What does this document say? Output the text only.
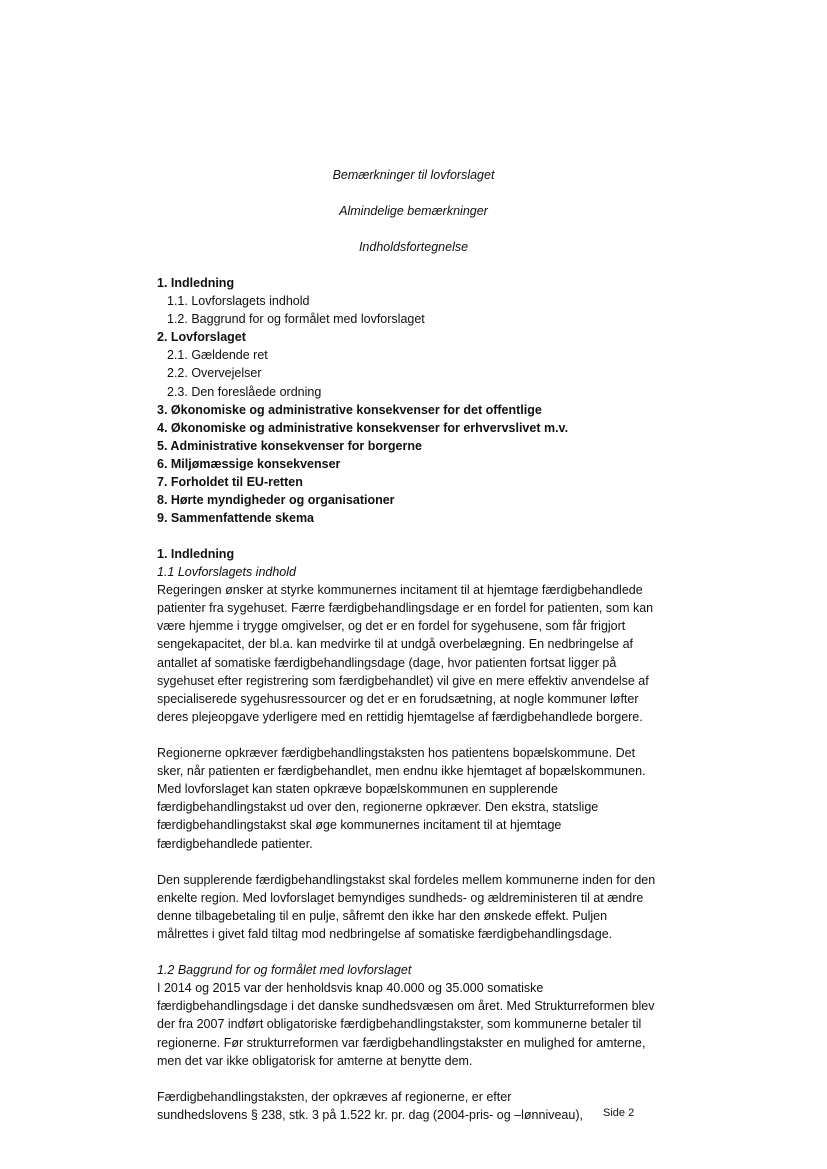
Bemærkninger til lovforslaget
Almindelige bemærkninger
Indholdsfortegnelse
1. Indledning
1.1. Lovforslagets indhold
1.2. Baggrund for og formålet med lovforslaget
2. Lovforslaget
2.1. Gældende ret
2.2. Overvejelser
2.3. Den foreslåede ordning
3. Økonomiske og administrative konsekvenser for det offentlige
4. Økonomiske og administrative konsekvenser for erhvervslivet m.v.
5. Administrative konsekvenser for borgerne
6. Miljømæssige konsekvenser
7. Forholdet til EU-retten
8. Hørte myndigheder og organisationer
9. Sammenfattende skema
1. Indledning
1.1 Lovforslagets indhold
Regeringen ønsker at styrke kommunernes incitament til at hjemtage færdigbehandlede
patienter fra sygehuset. Færre færdigbehandlingsdage er en fordel for patienten, som kan
være hjemme i trygge omgivelser, og det er en fordel for sygehusene, som får frigjort
sengekapacitet, der bl.a. kan medvirke til at undgå overbelægning. En nedbringelse af
antallet af somatiske færdigbehandlingsdage (dage, hvor patienten fortsat ligger på
sygehuset efter registrering som færdigbehandlet) vil give en mere effektiv anvendelse af
specialiserede sygehusressourcer og det er en forudsætning, at nogle kommuner løfter
deres plejeopgave yderligere med en rettidig hjemtagelse af færdigbehandlede borgere.
Regionerne opkræver færdigbehandlingstaksten hos patientens bopælskommune. Det
sker, når patienten er færdigbehandlet, men endnu ikke hjemtaget af bopælskommunen.
Med lovforslaget kan staten opkræve bopælskommunen en supplerende
færdigbehandlingstakst ud over den, regionerne opkræver. Den ekstra, statslige
færdigbehandlingstakst skal øge kommunernes incitament til at hjemtage
færdigbehandlede patienter.
Den supplerende færdigbehandlingstakst skal fordeles mellem kommunerne inden for den
enkelte region. Med lovforslaget bemyndiges sundheds- og ældreministeren til at ændre
denne tilbagebetaling til en pulje, såfremt den ikke har den ønskede effekt. Puljen
målrettes i givet fald tiltag mod nedbringelse af somatiske færdigbehandlingsdage.
1.2 Baggrund for og formålet med lovforslaget
I 2014 og 2015 var der henholdsvis knap 40.000 og 35.000 somatiske
færdigbehandlingsdage i det danske sundhedsvæsen om året. Med Strukturreformen blev
der fra 2007 indført obligatoriske færdigbehandlingstakster, som kommunerne betaler til
regionerne. Før strukturreformen var færdigbehandlingstakster en mulighed for amterne,
men det var ikke obligatorisk for amterne at benytte dem.
Færdigbehandlingstaksten, der opkræves af regionerne, er efter
sundhedslovens § 238, stk. 3 på 1.522 kr. pr. dag (2004-pris- og –lønniveau),	Side 2
